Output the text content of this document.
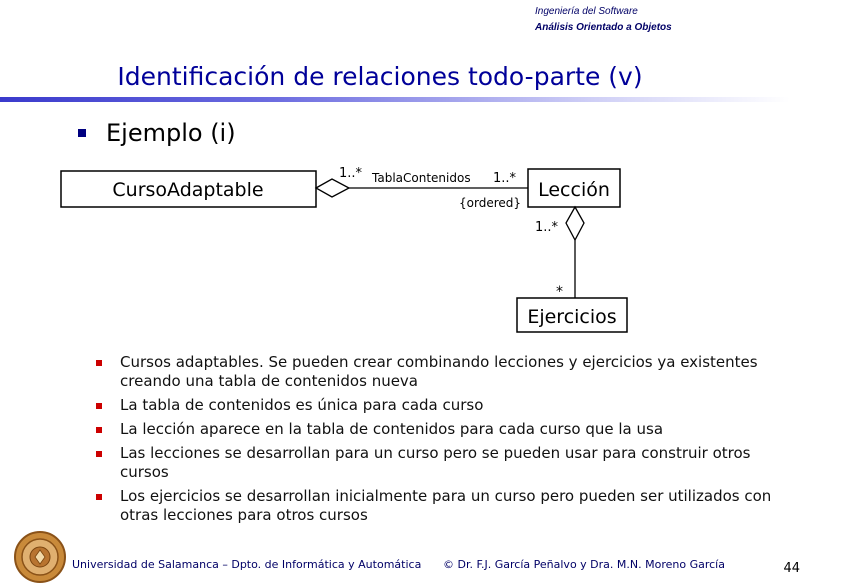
Ingeniería del Software
Análisis Orientado a Objetos
Identificación de relaciones todo-parte (v)
Ejemplo (i)
CursoAdaptable	Lección
Ejercicios
1..* TablaContenidos 1..*
{ordered}
1..*
*
Cursos adaptables. Se pueden crear combinando lecciones y ejercicios ya existentes creando una tabla de contenidos nueva
La tabla de contenidos es única para cada curso
La lección aparece en la tabla de contenidos para cada curso que la usa
Las lecciones se desarrollan para un curso pero se pueden usar para construir otros cursos
Los ejercicios se desarrollan inicialmente para un curso pero pueden ser utilizados con otras lecciones para otros cursos
Universidad de Salamanca – Dpto. de Informática y Automática © Dr. F.J. García Peñalvo y Dra. M.N. Moreno García	44
